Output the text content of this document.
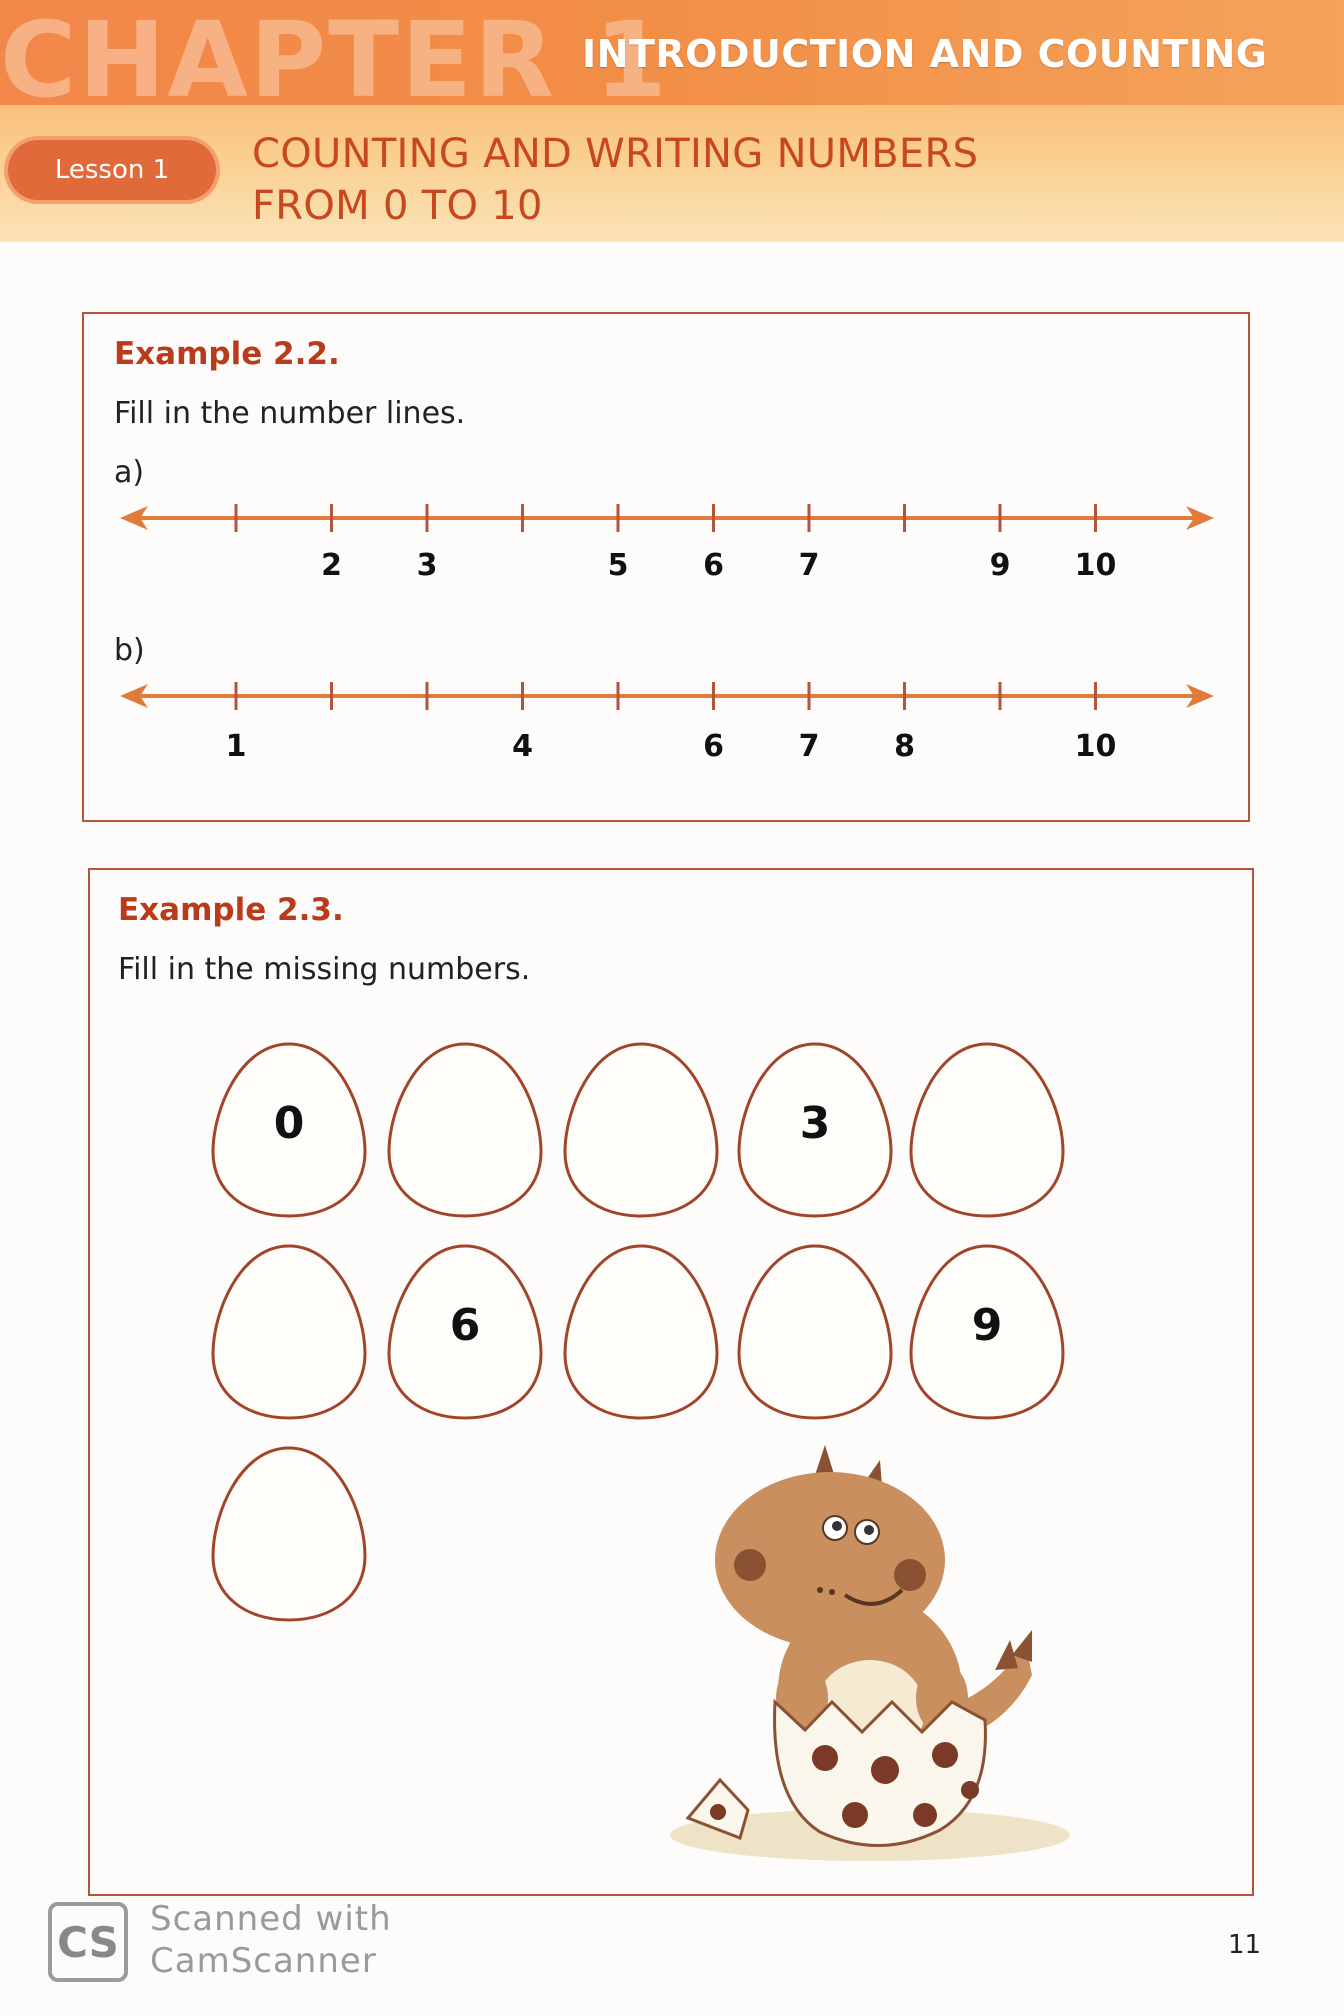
CHAPTER 1
INTRODUCTION AND COUNTING
Lesson 1	COUNTING AND WRITING NUMBERS
FROM 0 TO 10
Example 2.2.
Fill in the number lines.
a)
2	3	5	6	7	9	10
b)
1	4	6	7	8	10
Example 2.3.
Fill in the missing numbers.
0	3
6	9
CS Scanned with
CamScanner	11
